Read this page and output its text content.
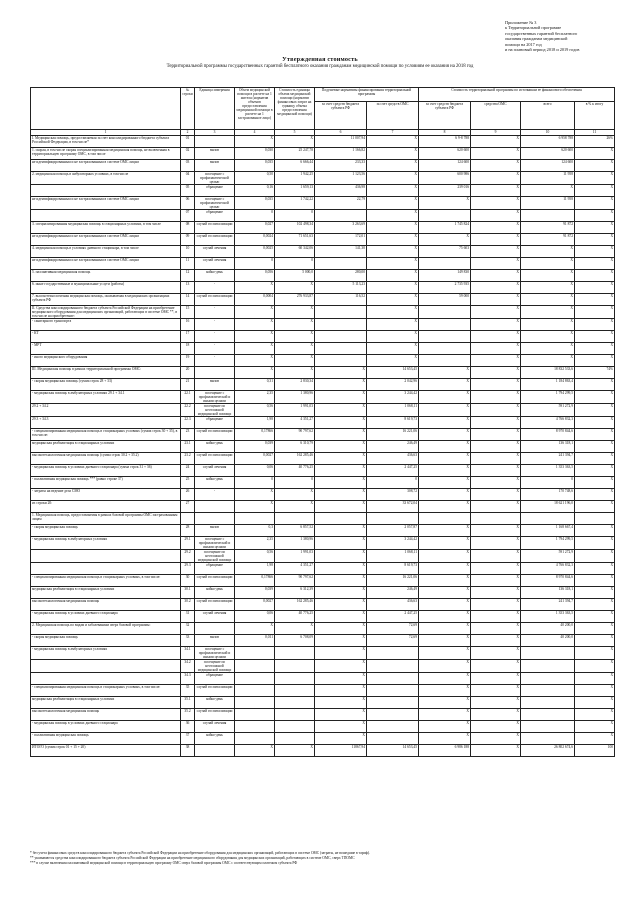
Приложение № 3
к Территориальной программе
государственных гарантий бесплатного
оказания гражданам медицинской
помощи на 2017 год
и на плановый период 2018 и 2019 годов
Утвержденная стоимость
Территориальной программы государственных гарантий бесплатного оказания гражданам медицинской помощи по условиям ее оказания на 2018 год
	№ строки	Единица измерения	Объем медицинской помощи в расчете на 1 жителя (норматив объемов предоставления медицинской помощи в расчете на 1 застрахованное лицо)	Стоимость единицы объема медицинской помощи (норматив финансовых затрат на единицу объема предоставления медицинской помощи)	Подушевые нормативы финансирования территориальной программы		Стоимость территориальной программы по источникам ее финансового обеспечения			
					за счет средств бюджета субъекта РФ	за счет средств ОМС	за счет средств бюджета субъекта РФ	средства ОМС	всего	в % к итогу

1	2	3	4	5	6	7	8	9	10	11
I. Медицинская помощь, предоставляемая за счет консолидированного бюджета субъекта Российской Федерации, в том числе*	01		X	X	11 007,94	X	6 9-8 788	X	6 958 788	26%
1. скорая, в том числе скорая специализированная медицинская помощь, не включенная в территориальную программу ОМС, в том числе	02	вызов	0,030	25 247,78	1 166,82	X	620 600	X	620 600	X
не идентифицированным и не застрахованным в системе ОМС лицам	03	вызов	0,035	6 666,44	233,33	X	124 600	X	124 600	X
2. медицинская помощь в амбулаторных условиях, в том числе	04	посещение с профилактической целью	0,50	1 942,25	1 123,56	X	600 986	X	11 958	X
	05	обращение	0,16	1 659,13	436,98	X	239 016	X	X	X
не идентифицированным и не застрахованным в системе ОМС лицам	06	посещение с профилактической целью	0,035	1 742,22	22,79	X	X	X	11 958	X
	07	обращение	0	0		X		X		X
3. специализированная медицинская помощь в стационарных условиях, в том числе	08	случай госпитализации	0,027	102 498,34	3 263,69	X	1 745 824	X	91 872	X
не идентифицированным и не застрахованным в системе ОМС лицам	09	случай госпитализации	0,0024	71 651,63	172,01	X	X	X	91 872	X
4. медицинская помощь в условиях дневного стационара, в том числе	10	случай лечения	0,0025	60 342,06	141,30	X	75 603	X	X	X
не идентифицированным и не застрахованным в системе ОМС лицам	11	случай лечения	0	0		X		X	X	X
5. паллиативная медицинская помощь	12	койко-день	0,056	5 000,0	280,00	X	149 830	X	X	X
6. иные государственные и муниципальные услуги (работы)	13	-	X	X	5 113,23	X	2 735 935	X	X	X
7. высокотехнологичная медицинская помощь, оказываемая в медицинских организациях субъекта РФ	14	случай госпитализации	0,0004	276 933,87	116,52	X	59 000	X	X	X
II. Средства консолидированного бюджета субъекта Российской Федерации на приобретение медицинского оборудования для медицинских организаций, работающих в системе ОМС **, в том числе на приобретение:	15	-	X	X		X		X	X	X
- санитарного транспорта	16	-	X	X		X		X	X	X
- КТ	17	-	X	X		X		X	X	X
- МРТ	18	-	X	X		X		X	X	X
- иного медицинского оборудования	19	-	X	X		X		X	X	X
III. Медицинская помощь в рамках территориальной программы ОМС:	20		X	X	X	14 653,45	X	X	18 832 533,6	74%
- скорая медицинская помощь (сумма строк 28 + 33)	21	вызов	0,31	2 830,34	X	2 042,96	X	X	1 184 863,4	X
- медицинская помощь в амбулаторных условиях 29.1 + 34.1	22.1	посещение с профилактической и иными целями	2,35	1 380,96	X	3 244,42	X	X	1 794 299,5	X
29.2 + 34.2	22.2	посещение по неотложной медицинской помощи	0,56	1 991,03	X	1 068,11	X	X	591 272,9	X
29.3 + 34.3	22.3	обращение	1,98	4 351,27	X	8 619,73	X	X	4 766 832,3	X
- специализированная медицинская помощь в стационарных условиях (сумма строк 30 + 35), в том числе:	23	случай госпитализации	0,17866	90 797,62	X	16 221,06	X	X	8 970 844,6	X
медицинская реабилитация в стационарных условиях	23.1	койко-день	0,039	6 310,79	X	246,49	X	X	136 318,1	X
высокотехнологичная медицинская помощь (сумма строк 30.2 + 35.2)	23.2	случай госпитализации	0,0027	162 285,46	X	436,63	X	X	241 394,7	X
- медицинская помощь в условиях дневного стационара (сумма строк 31 + 36)	24	случай лечения	0,06	40 776,25	X	2 447,25	X	X	1 353 363,5	X
- паллиативная медицинская помощь *** (равно строке 37)	25	койко-день	0	0	X	0	X	X	0	X
- затраты на ведение дела СМО	26	-	X	X	X	308,72	X	X	170 748,6	X
из строки 20:	27		X	X	X	33 672,04	X	X	18 621 196,0	X
1. Медицинская помощь, предоставляемая в рамках базовой программы ОМС застрахованным лицам										
- скорая медицинская помощь	28	вызов	0,3	6 857,52	X	2 057,87	X	X	1 168 667,4	X
- медицинская помощь в амбулаторных условиях	29.1	посещение с профилактической и иными целями	2,35	1 380,96	X	3 244,42	X	X	1 794 299,5	X
	29.2	посещение по неотложной медицинской помощи	0,56	1 991,03	X	1 068,11	X	X	591 272,9	X
	29.3	обращение	1,98	4 351,27	X	8 619,73	X	X	4 766 832,3	X
- специализированная медицинская помощь в стационарных условиях, в том числе:	30	случай госпитализации	0,17866	90 797,62	X	16 221,06	X	X	8 970 844,6	X
медицинская реабилитация в стационарных условиях	30.1	койко-день	0,039	6 312,39	X	246,49	X	X	136 318,1	X
высокотехнологичная медицинская помощь	30.2	случай госпитализации	0,0027	162 285,46	X	436,63	X	X	241 394,7	X
- медицинская помощь в условиях дневного стационара	31	случай лечения	0,06	40 776,25	X	2 447,25	X	X	1 353 363,5	X
2. Медицинская помощь по видам и заболеваниям сверх базовой программы:	32		X	X	X	72,69	X	X	40 200,0	X
- скорая медицинская помощь	33	вызов	0,011	6 708,09	X	72,69	X	X	40 200,0	X
- медицинская помощь в амбулаторных условиях	34.1	посещение с профилактической и иными целями			X		X	X		X
	34.2	посещение по неотложной медицинской помощи			X		X	X		X
	34.3	обращение			X		X	X		X
- специализированная медицинская помощь в стационарных условиях, в том числе:	35	случай госпитализации			X		X	X		X
медицинская реабилитация в стационарных условиях	35.1	койко-день			X		X	X		X
высокотехнологичная медицинская помощь	35.2	случай госпитализации			X		X	X		X
- медицинская помощь в условиях дневного стационара	36	случай лечения			X		X	X		X
- паллиативная медицинская помощь	37	койко-день			X		X	X		X
ИТОГО (сумма строк 01 + 15 + 20)	38		X	X	11867,94	14 653,45	6 986 188	X	26 802 674,6	100
* без учета финансовых средств консолидированного бюджета субъекта Российской Федерации на приобретение оборудования для медицинских организаций, работающих в системе ОМС (затраты, не вошедшие в тариф).
** указываются средства консолидированного бюджета субъекта Российской Федерации на приобретение медицинского оборудования для медицинских организаций, работающих в системе ОМС, сверх ТПОМС
*** в случае включения паллиативной медицинской помощи в территориальную программу ОМС сверх базовой программы ОМС с соответствующим платежом субъекта РФ
